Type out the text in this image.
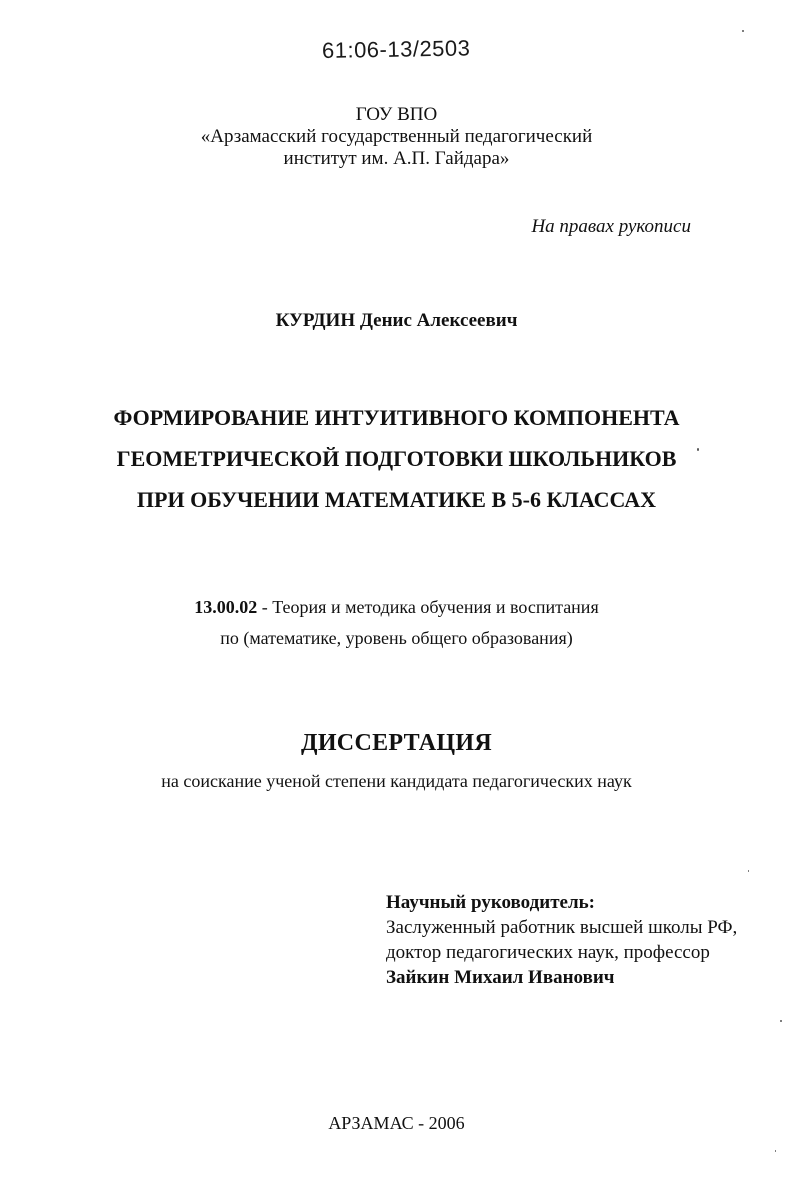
61:06-13/2503
ГОУ ВПО
«Арзамасский государственный педагогический
институт им. А.П. Гайдара»
На правах рукописи
КУРДИН Денис Алексеевич
ФОРМИРОВАНИЕ ИНТУИТИВНОГО КОМПОНЕНТА
ГЕОМЕТРИЧЕСКОЙ ПОДГОТОВКИ ШКОЛЬНИКОВ
ПРИ ОБУЧЕНИИ МАТЕМАТИКЕ В 5-6 КЛАССАХ
13.00.02 - Теория и методика обучения и воспитания
по (математике, уровень общего образования)
ДИССЕРТАЦИЯ
на соискание ученой степени кандидата педагогических наук
Научный руководитель:
Заслуженный работник высшей школы РФ,
доктор педагогических наук, профессор
Зайкин Михаил Иванович
АРЗАМАС - 2006
